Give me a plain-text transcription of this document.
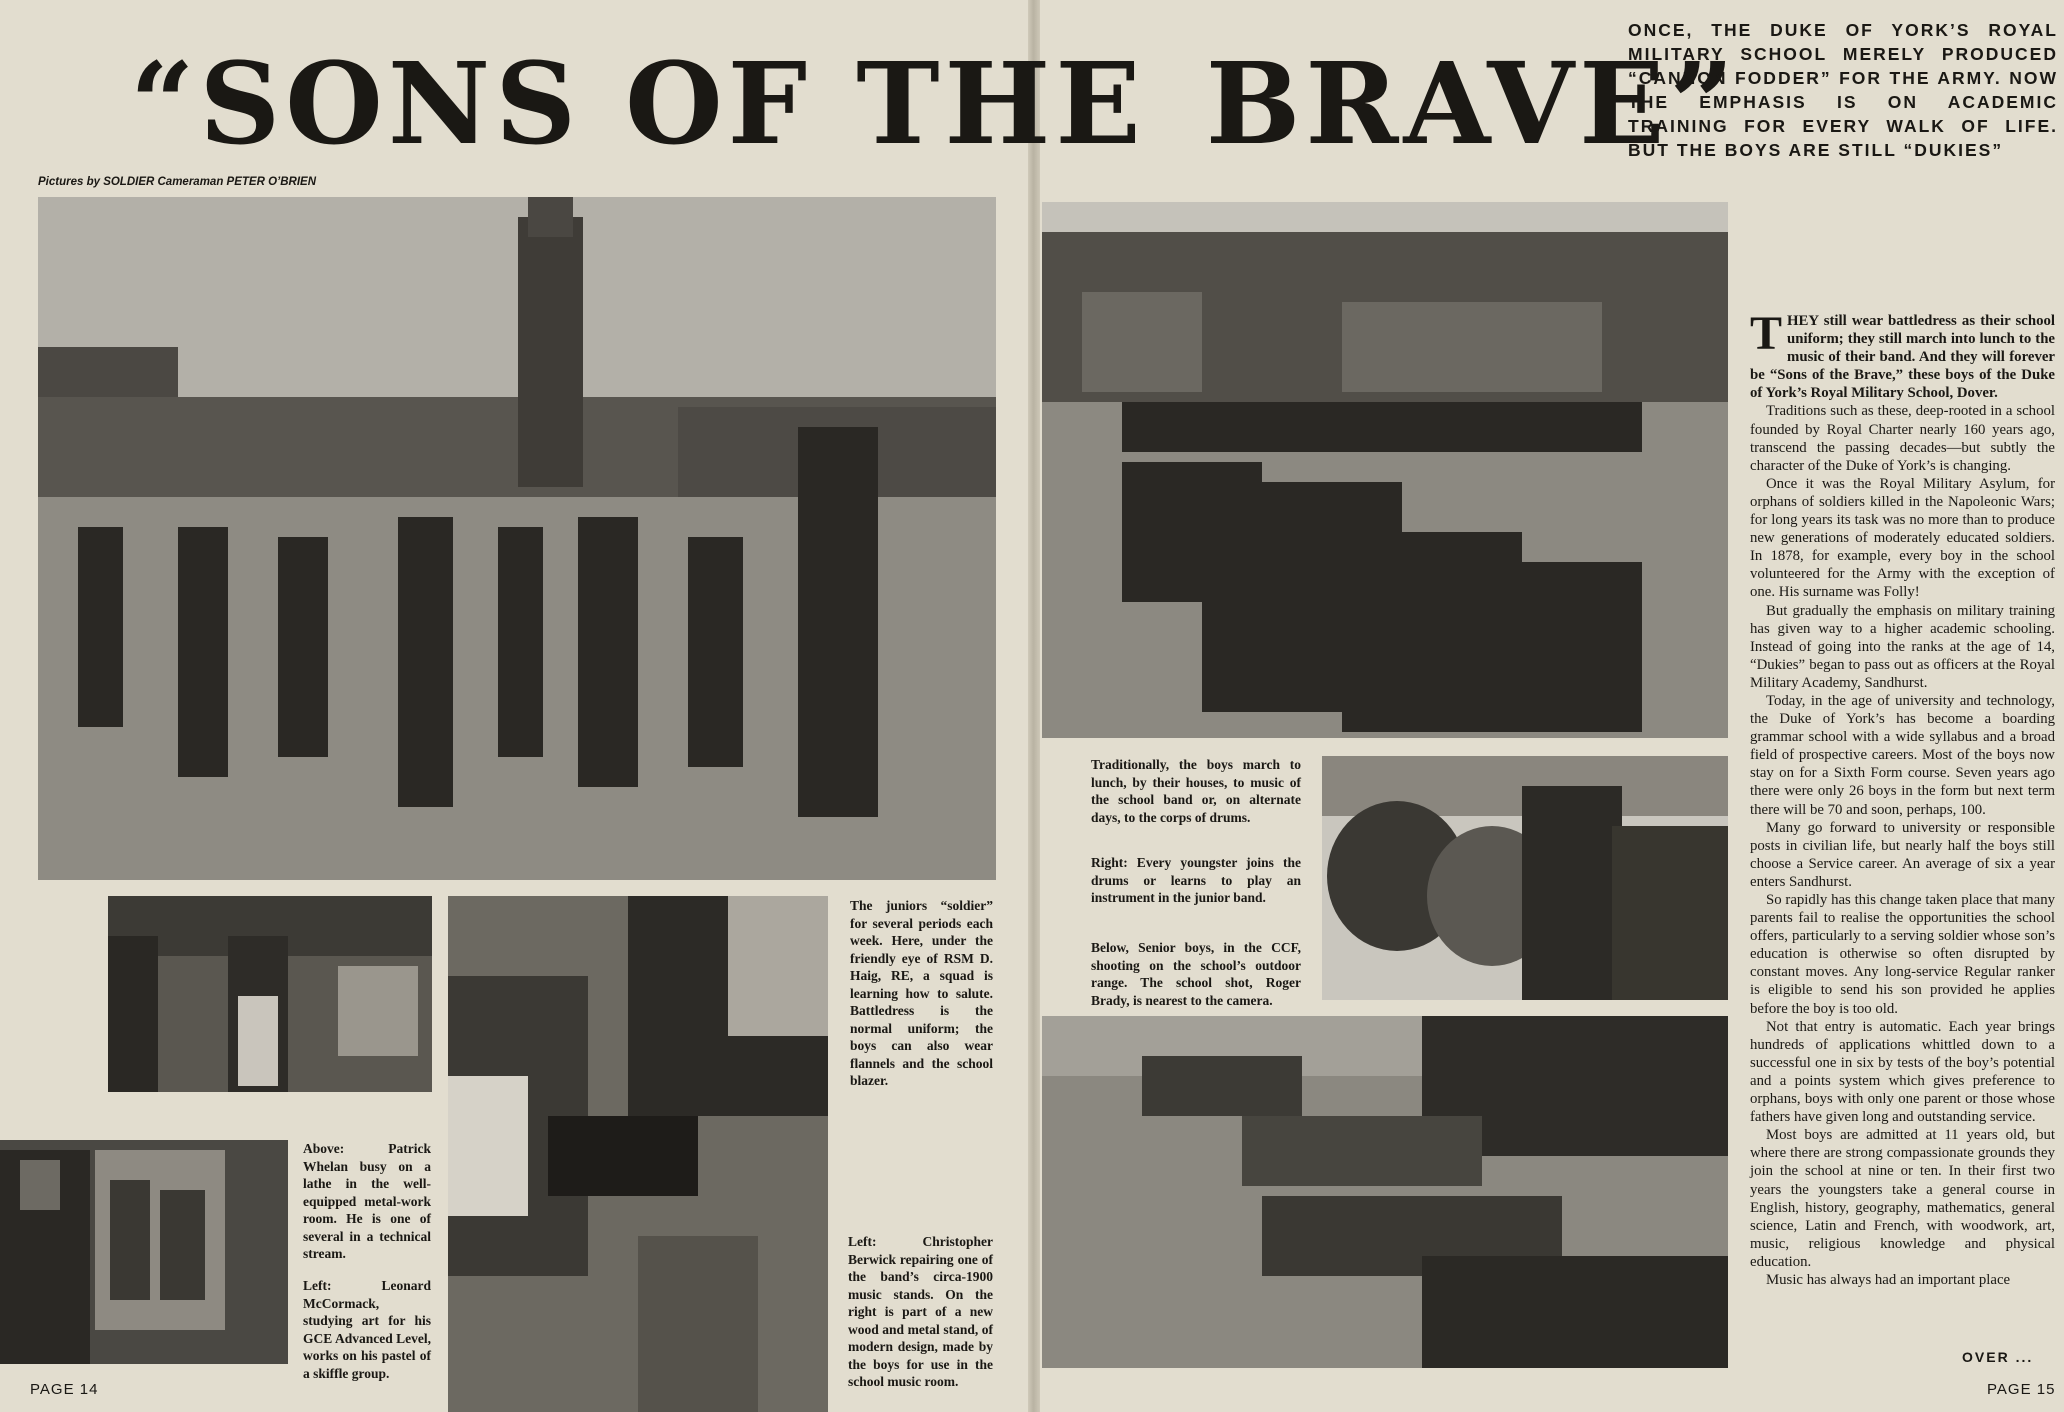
“SONS OF THE BRAVE”
ONCE, THE DUKE OF YORK’S ROYAL MILITARY SCHOOL MERELY PRODUCED “CANNON FODDER” FOR THE ARMY. NOW THE EMPHASIS IS ON ACADEMIC TRAINING FOR EVERY WALK OF LIFE. BUT THE BOYS ARE STILL “DUKIES”
Pictures by SOLDIER Cameraman PETER O’BRIEN
The juniors “soldier” for several periods each week. Here, under the friendly eye of RSM D. Haig, RE, a squad is learning how to salute. Battledress is the normal uniform; the boys can also wear flannels and the school blazer.
Above: Patrick Whelan busy on a lathe in the well-equipped metal-work room. He is one of several in a technical stream.
Left: Leonard McCormack, studying art for his GCE Advanced Level, works on his pastel of a skiffle group.
Left: Christopher Berwick repairing one of the band’s circa-1900 music stands. On the right is part of a new wood and metal stand, of modern design, made by the boys for use in the school music room.
Traditionally, the boys march to lunch, by their houses, to music of the school band or, on alternate days, to the corps of drums.
Right: Every youngster joins the drums or learns to play an instrument in the junior band.
Below, Senior boys, in the CCF, shooting on the school’s outdoor range. The school shot, Roger Brady, is nearest to the camera.

THEY still wear battledress as their school uniform; they still march into lunch to the music of their band. And they will forever be “Sons of the Brave,” these boys of the Duke of York’s Royal Military School, Dover.

Traditions such as these, deep-rooted in a school founded by Royal Charter nearly 160 years ago, transcend the passing decades—but subtly the character of the Duke of York’s is changing.

Once it was the Royal Military Asylum, for orphans of soldiers killed in the Napoleonic Wars; for long years its task was no more than to produce new generations of moderately educated soldiers. In 1878, for example, every boy in the school volunteered for the Army with the exception of one. His surname was Folly!

But gradually the emphasis on military training has given way to a higher academic schooling. Instead of going into the ranks at the age of 14, “Dukies” began to pass out as officers at the Royal Military Academy, Sandhurst.

Today, in the age of university and technology, the Duke of York’s has become a boarding grammar school with a wide syllabus and a broad field of prospective careers. Most of the boys now stay on for a Sixth Form course. Seven years ago there were only 26 boys in the form but next term there will be 70 and soon, perhaps, 100.

Many go forward to university or responsible posts in civilian life, but nearly half the boys still choose a Service career. An average of six a year enters Sandhurst.

So rapidly has this change taken place that many parents fail to realise the opportunities the school offers, particularly to a serving soldier whose son’s education is otherwise so often disrupted by constant moves. Any long-service Regular ranker is eligible to send his son provided he applies before the boy is too old.

Not that entry is automatic. Each year brings hundreds of applications whittled down to a successful one in six by tests of the boy’s potential and a points system which gives preference to orphans, boys with only one parent or those whose fathers have given long and outstanding service.

Most boys are admitted at 11 years old, but where there are strong compassionate grounds they join the school at nine or ten. In their first two years the youngsters take a general course in English, history, geography, mathematics, general science, Latin and French, with woodwork, art, music, religious knowledge and physical education.

Music has always had an important place

OVER ...
PAGE 14	PAGE 15
